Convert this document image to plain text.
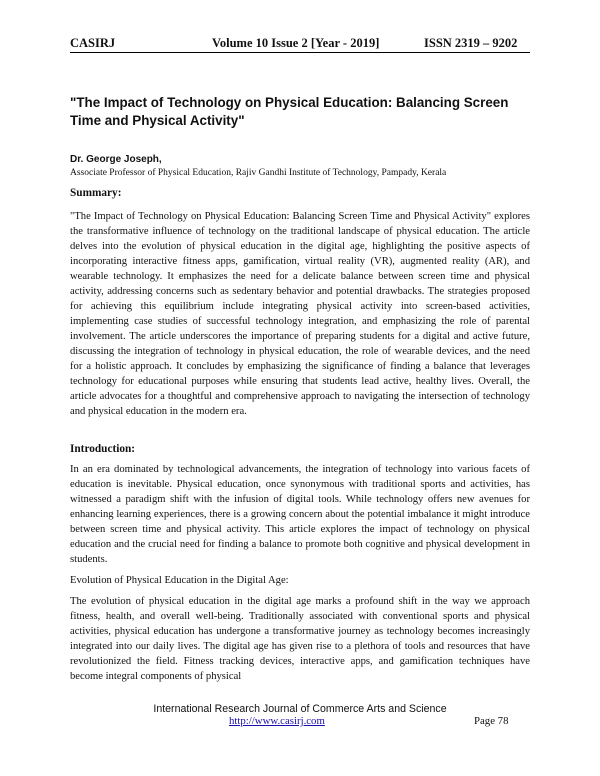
CASIRJ	Volume 10 Issue 2 [Year - 2019]	ISSN 2319 – 9202
"The Impact of Technology on Physical Education: Balancing Screen Time and Physical Activity"
Dr. George Joseph,
Associate Professor of Physical Education, Rajiv Gandhi Institute of Technology, Pampady, Kerala
Summary:
"The Impact of Technology on Physical Education: Balancing Screen Time and Physical Activity" explores the transformative influence of technology on the traditional landscape of physical education. The article delves into the evolution of physical education in the digital age, highlighting the positive aspects of incorporating interactive fitness apps, gamification, virtual reality (VR), augmented reality (AR), and wearable technology. It emphasizes the need for a delicate balance between screen time and physical activity, addressing concerns such as sedentary behavior and potential drawbacks. The strategies proposed for achieving this equilibrium include integrating physical activity into screen-based activities, implementing case studies of successful technology integration, and emphasizing the role of parental involvement. The article underscores the importance of preparing students for a digital and active future, discussing the integration of technology in physical education, the role of wearable devices, and the need for a holistic approach. It concludes by emphasizing the significance of finding a balance that leverages technology for educational purposes while ensuring that students lead active, healthy lives. Overall, the article advocates for a thoughtful and comprehensive approach to navigating the intersection of technology and physical education in the modern era.
Introduction:
In an era dominated by technological advancements, the integration of technology into various facets of education is inevitable. Physical education, once synonymous with traditional sports and activities, has witnessed a paradigm shift with the infusion of digital tools. While technology offers new avenues for enhancing learning experiences, there is a growing concern about the potential imbalance it might introduce between screen time and physical activity. This article explores the impact of technology on physical education and the crucial need for finding a balance to promote both cognitive and physical development in students.
Evolution of Physical Education in the Digital Age:
The evolution of physical education in the digital age marks a profound shift in the way we approach fitness, health, and overall well-being. Traditionally associated with conventional sports and physical activities, physical education has undergone a transformative journey as technology becomes increasingly integrated into our daily lives. The digital age has given rise to a plethora of tools and resources that have revolutionized the field. Fitness tracking devices, interactive apps, and gamification techniques have become integral components of physical
International Research Journal of Commerce Arts and Science
http://www.casirj.com	Page 78
